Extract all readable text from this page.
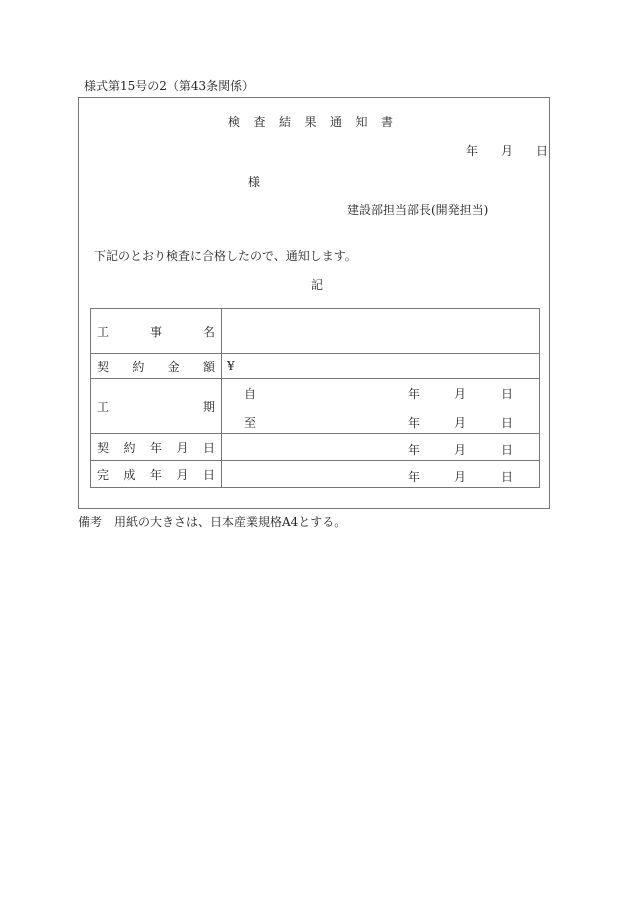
様式第15号の2（第43条関係）
検 査 結 果 通 知 書
年 月 日
様
建設部担当部長(開発担当)
下記のとおり検査に合格したので、通知します。
記
工 事 名	

契 約 金 額	¥

工	期

自	年	月	日
至	年	月	日

契 約 年 月 日	年 月 日

完 成 年 月 日	年 月 日
備考　用紙の大きさは、日本産業規格A4とする。
